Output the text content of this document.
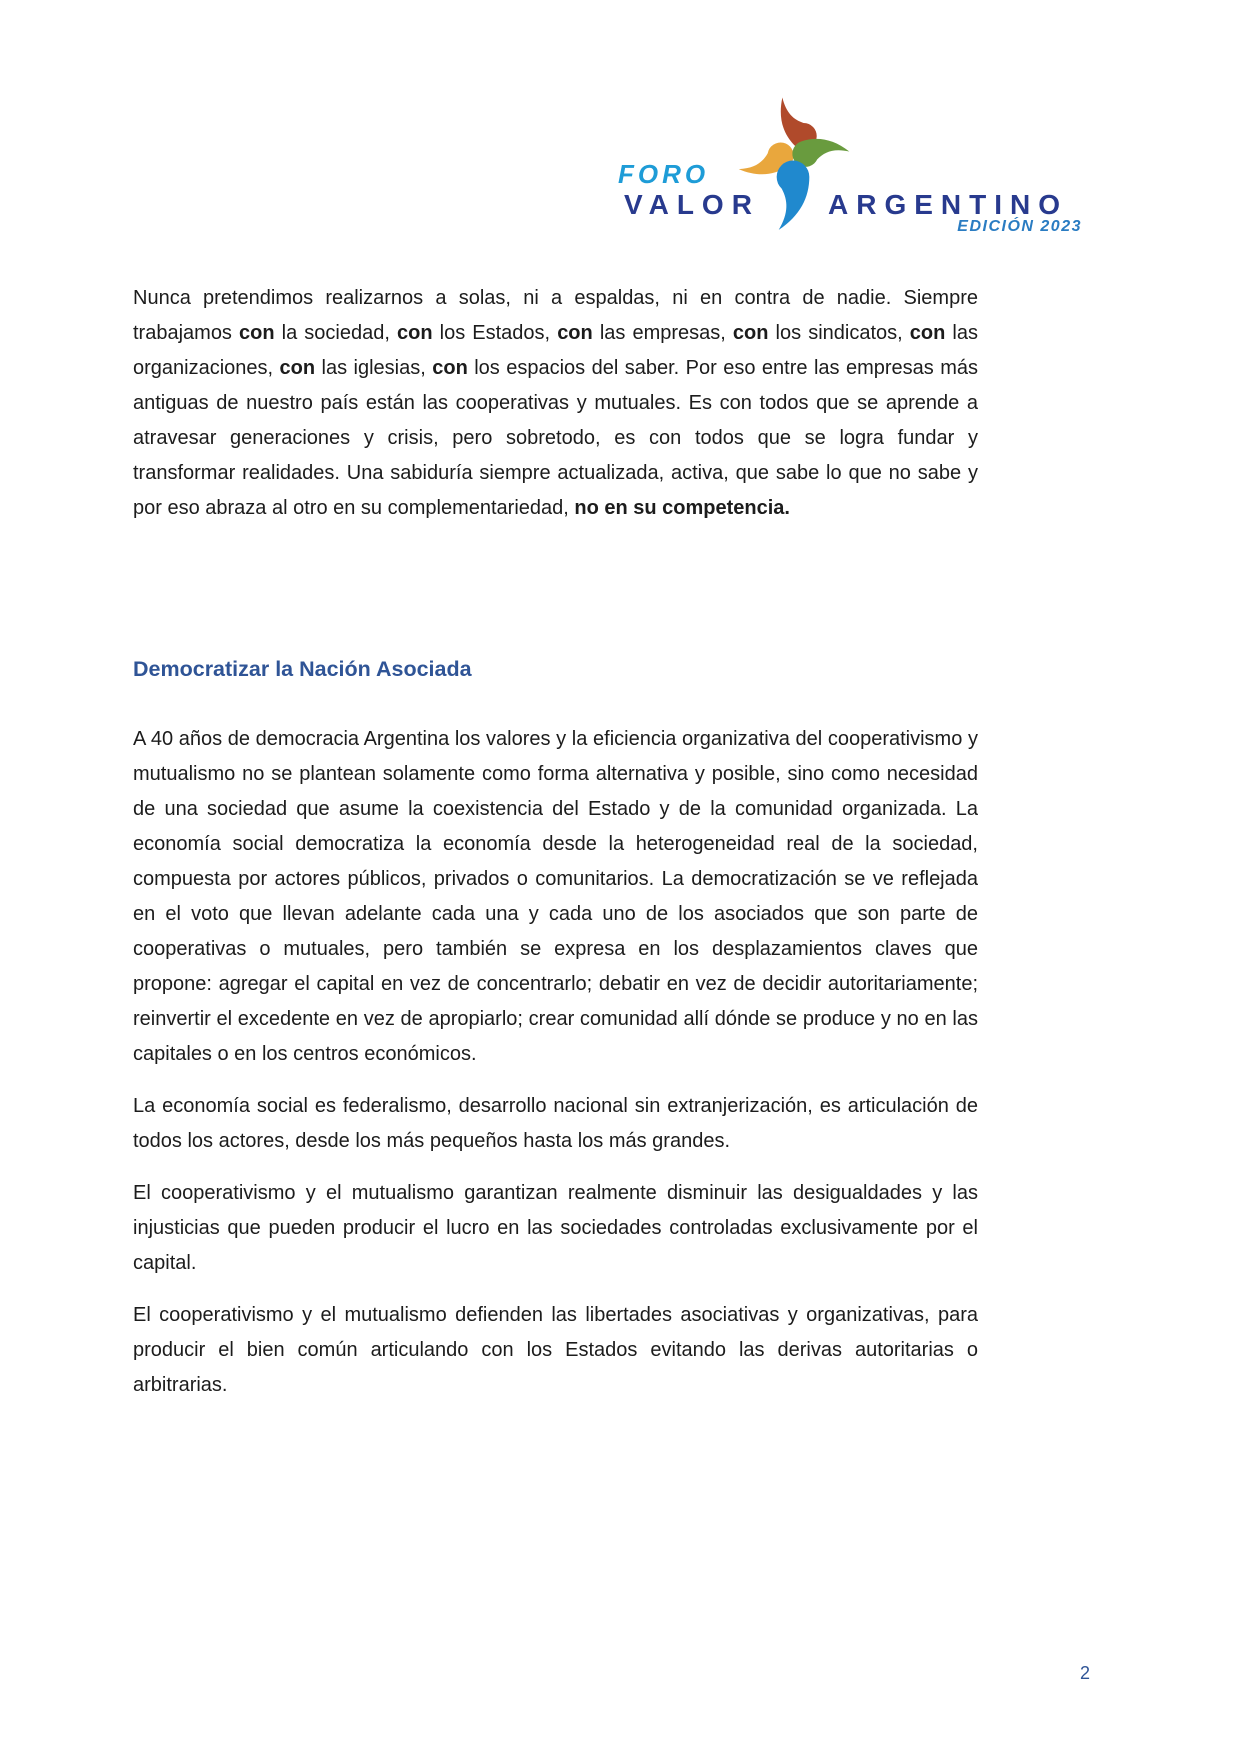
FORO
VALOR ARGENTINO
EDICIÓN 2023

Nunca pretendimos realizarnos a solas, ni a espaldas, ni en contra de nadie. Siempre trabajamos con la sociedad, con los Estados, con las empresas, con los sindicatos, con las organizaciones, con las iglesias, con los espacios del saber. Por eso entre las empresas más antiguas de nuestro país están las cooperativas y mutuales. Es con todos que se aprende a atravesar generaciones y crisis, pero sobretodo, es con todos que se logra fundar y transformar realidades. Una sabiduría siempre actualizada, activa, que sabe lo que no sabe y por eso abraza al otro en su complementariedad, no en su competencia.

Democratizar la Nación Asociada

A 40 años de democracia Argentina los valores y la eficiencia organizativa del cooperativismo y mutualismo no se plantean solamente como forma alternativa y posible, sino como necesidad de una sociedad que asume la coexistencia del Estado y de la comunidad organizada. La economía social democratiza la economía desde la heterogeneidad real de la sociedad, compuesta por actores públicos, privados o comunitarios. La democratización se ve reflejada en el voto que llevan adelante cada una y cada uno de los asociados que son parte de cooperativas o mutuales, pero también se expresa en los desplazamientos claves que propone: agregar el capital en vez de concentrarlo; debatir en vez de decidir autoritariamente; reinvertir el excedente en vez de apropiarlo; crear comunidad allí dónde se produce y no en las capitales o en los centros económicos.

La economía social es federalismo, desarrollo nacional sin extranjerización, es articulación de todos los actores, desde los más pequeños hasta los más grandes.

El cooperativismo y el mutualismo garantizan realmente disminuir las desigualdades y las injusticias que pueden producir el lucro en las sociedades controladas exclusivamente por el capital.

El cooperativismo y el mutualismo defienden las libertades asociativas y organizativas, para producir el bien común articulando con los Estados evitando las derivas autoritarias o arbitrarias.

2
